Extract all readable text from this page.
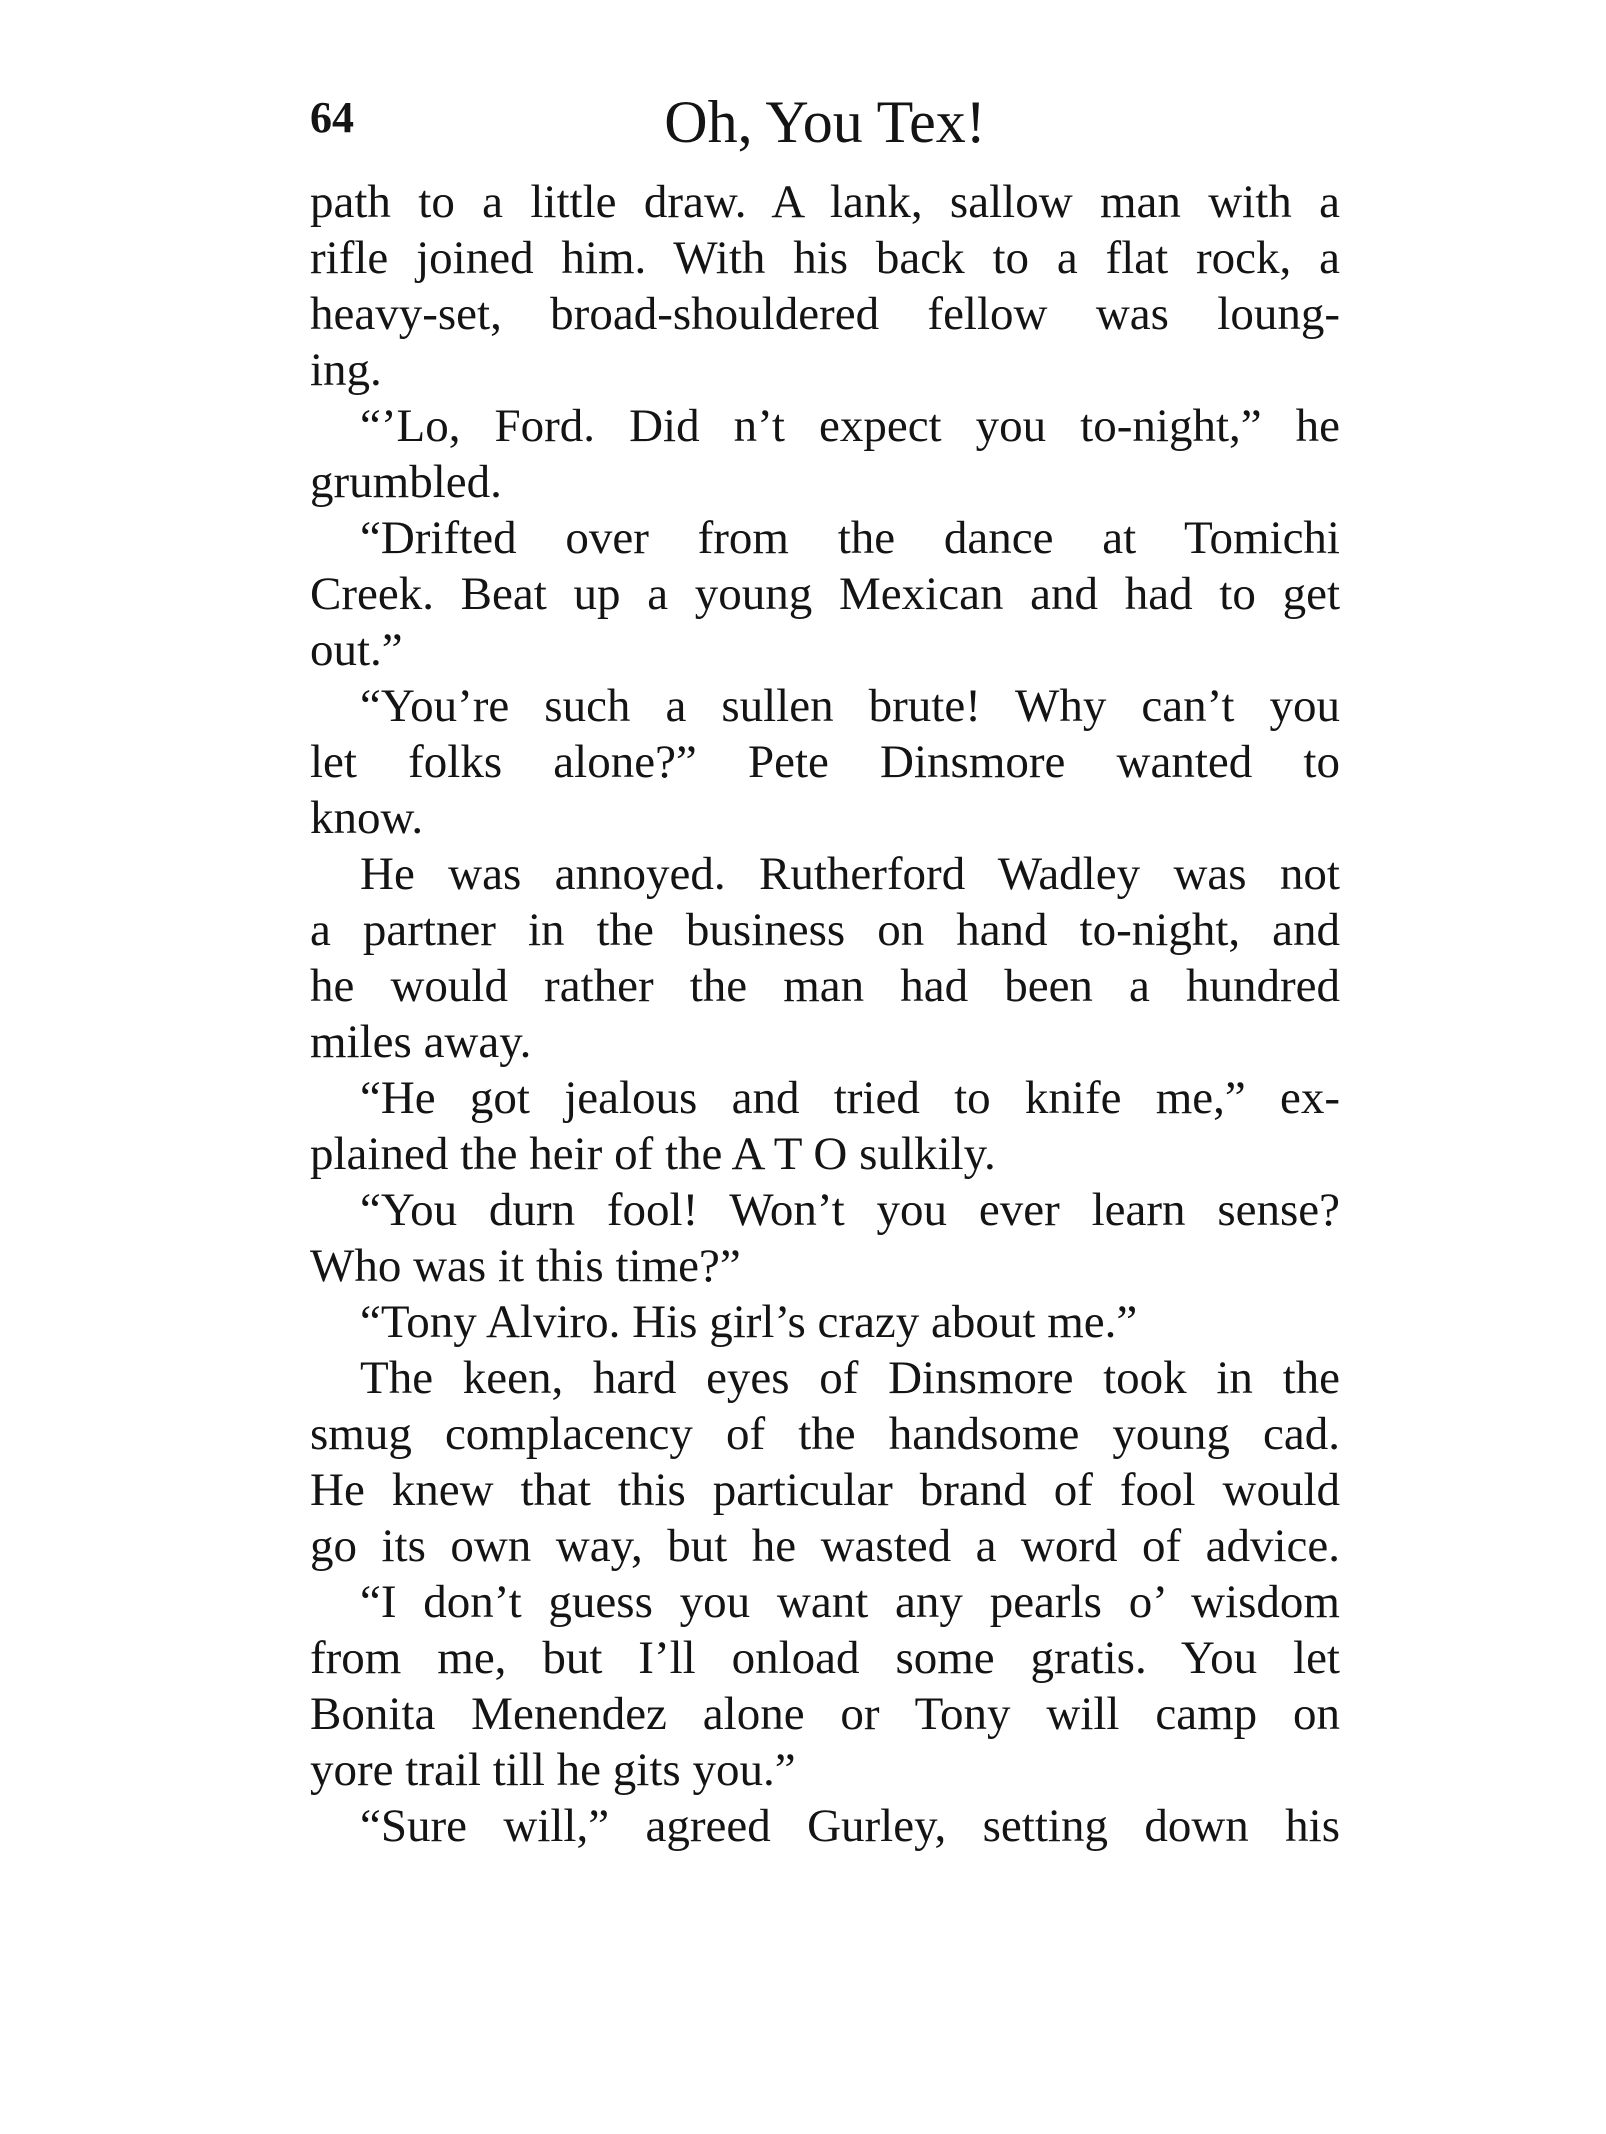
64	Oh, You Tex!
path to a little draw. A lank, sallow man with a
rifle joined him. With his back to a flat rock, a
heavy-set, broad-shouldered fellow was loung-
ing.
“’Lo, Ford. Did n’t expect you to-night,” he
grumbled.
“Drifted over from the dance at Tomichi
Creek. Beat up a young Mexican and had to get
out.”
“You’re such a sullen brute! Why can’t you
let folks alone?” Pete Dinsmore wanted to
know.
He was annoyed. Rutherford Wadley was not
a partner in the business on hand to-night, and
he would rather the man had been a hundred
miles away.
“He got jealous and tried to knife me,” ex-
plained the heir of the A T O sulkily.
“You durn fool! Won’t you ever learn sense?
Who was it this time?”
“Tony Alviro. His girl’s crazy about me.”
The keen, hard eyes of Dinsmore took in the
smug complacency of the handsome young cad.
He knew that this particular brand of fool would
go its own way, but he wasted a word of advice.
“I don’t guess you want any pearls o’ wisdom
from me, but I’ll onload some gratis. You let
Bonita Menendez alone or Tony will camp on
yore trail till he gits you.”
“Sure will,” agreed Gurley, setting down his
